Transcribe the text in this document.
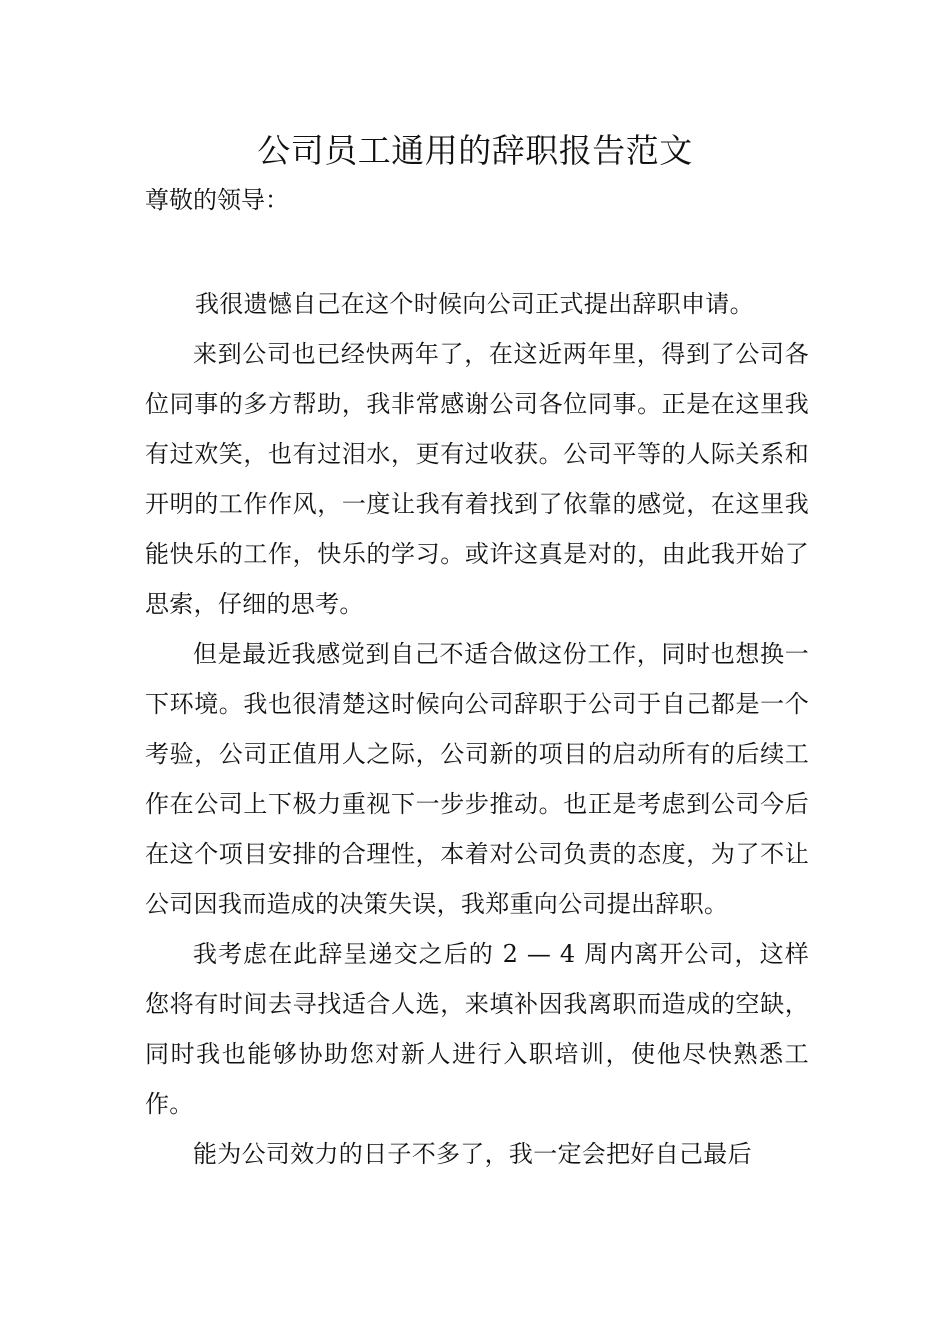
公司员工通用的辞职报告范文

尊敬的领导：

我很遗憾自己在这个时候向公司正式提出辞职申请。

来到公司也已经快两年了，在这近两年里，得到了公司各位同事的多方帮助，我非常感谢公司各位同事。正是在这里我有过欢笑，也有过泪水，更有过收获。公司平等的人际关系和开明的工作作风，一度让我有着找到了依靠的感觉，在这里我能快乐的工作，快乐的学习。或许这真是对的，由此我开始了思索，仔细的思考。

但是最近我感觉到自己不适合做这份工作，同时也想换一下环境。我也很清楚这时候向公司辞职于公司于自己都是一个考验，公司正值用人之际，公司新的项目的启动所有的后续工作在公司上下极力重视下一步步推动。也正是考虑到公司今后在这个项目安排的合理性，本着对公司负责的态度，为了不让公司因我而造成的决策失误，我郑重向公司提出辞职。

我考虑在此辞呈递交之后的 2 — 4 周内离开公司，这样您将有时间去寻找适合人选，来填补因我离职而造成的空缺，同时我也能够协助您对新人进行入职培训，使他尽快熟悉工作。

能为公司效力的日子不多了，我一定会把好自己最后
